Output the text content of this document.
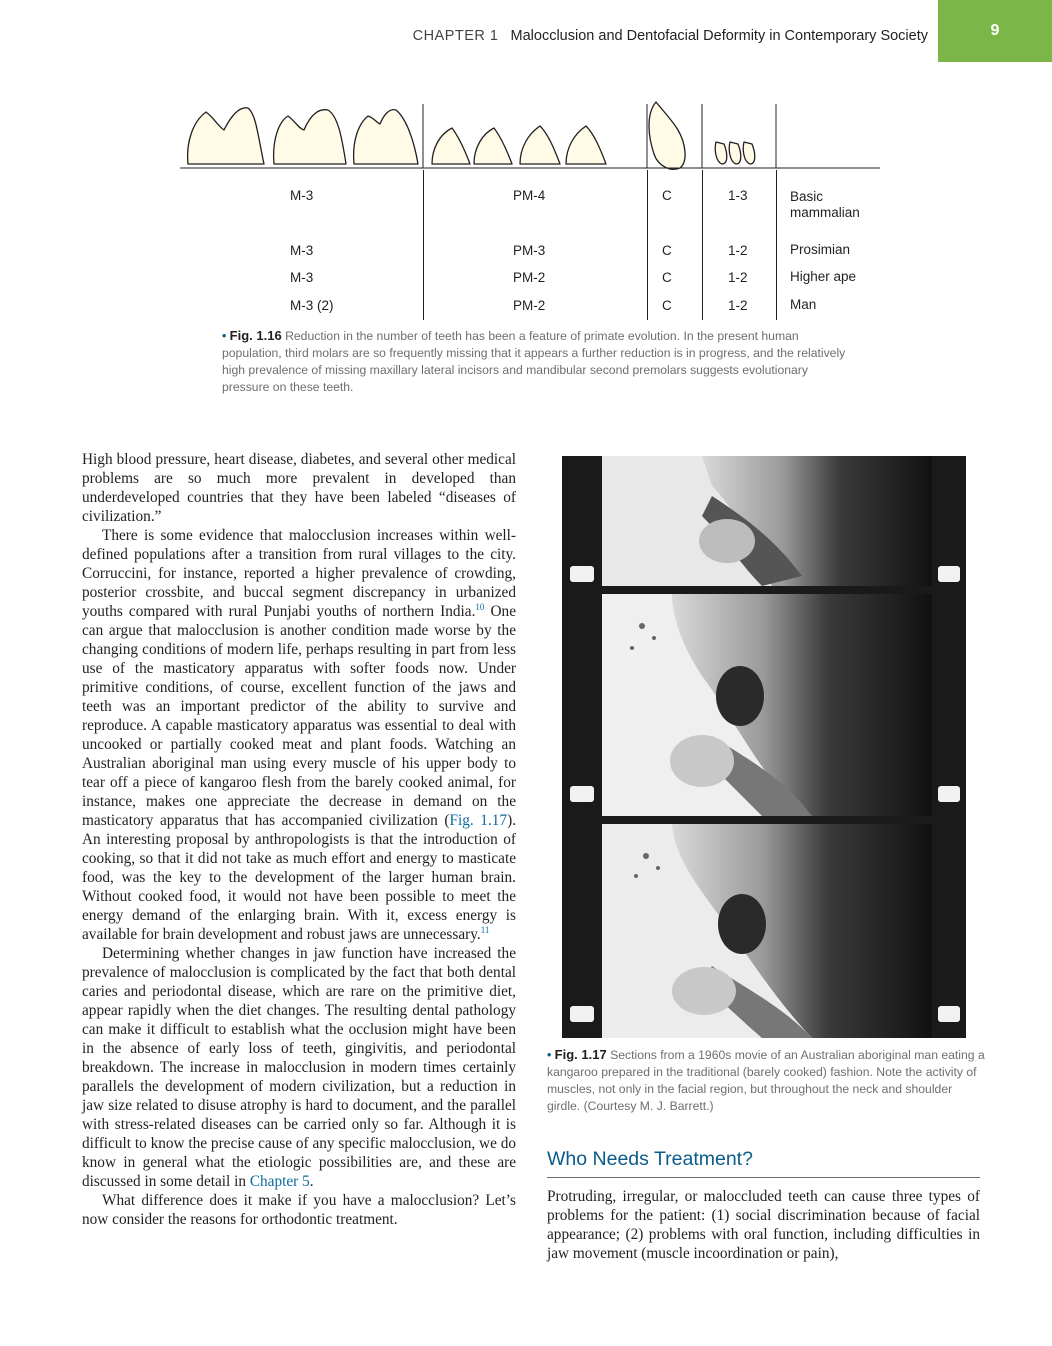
CHAPTER 1 Malocclusion and Dentofacial Deformity in Contemporary Society	9
M-3	PM-4	C	1-3	Basic
mammalian
M-3	PM-3	C	1-2	Prosimian
M-3	PM-2	C	1-2	Higher ape
M-3 (2)	PM-2	C	1-2	Man
• Fig. 1.16 Reduction in the number of teeth has been a feature of primate evolution. In the present human population, third molars are so frequently missing that it appears a further reduction is in progress, and the relatively high prevalence of missing maxillary lateral incisors and mandibular second premolars suggests evolutionary pressure on these teeth.

High blood pressure, heart disease, diabetes, and several other medical problems are so much more prevalent in developed than underdeveloped countries that they have been labeled “diseases of civilization.”

There is some evidence that malocclusion increases within well-defined populations after a transition from rural villages to the city. Corruccini, for instance, reported a higher prevalence of crowding, posterior crossbite, and buccal segment discrepancy in urbanized youths compared with rural Punjabi youths of northern India.$^{10}$ One can argue that malocclusion is another condition made worse by the changing conditions of modern life, perhaps resulting in part from less use of the masticatory apparatus with softer foods now. Under primitive conditions, of course, excellent function of the jaws and teeth was an important predictor of the ability to survive and reproduce. A capable masticatory apparatus was essential to deal with uncooked or partially cooked meat and plant foods. Watching an Australian aboriginal man using every muscle of his upper body to tear off a piece of kangaroo flesh from the barely cooked animal, for instance, makes one appreciate the decrease in demand on the masticatory apparatus that has accompanied civilization (Fig. 1.17). An interesting proposal by anthropologists is that the introduction of cooking, so that it did not take as much effort and energy to masticate food, was the key to the development of the larger human brain. Without cooked food, it would not have been possible to meet the energy demand of the enlarging brain. With it, excess energy is available for brain development and robust jaws are unnecessary.$^{11}$

Determining whether changes in jaw function have increased the prevalence of malocclusion is complicated by the fact that both dental caries and periodontal disease, which are rare on the primitive diet, appear rapidly when the diet changes. The resulting dental pathology can make it difficult to establish what the occlusion might have been in the absence of early loss of teeth, gingivitis, and periodontal breakdown. The increase in malocclusion in modern times certainly parallels the development of modern civilization, but a reduction in jaw size related to disuse atrophy is hard to document, and the parallel with stress-related diseases can be carried only so far. Although it is difficult to know the precise cause of any specific malocclusion, we do know in general what the etiologic possibilities are, and these are discussed in some detail in Chapter 5.

What difference does it make if you have a malocclusion? Let’s now consider the reasons for orthodontic treatment.

• Fig. 1.17 Sections from a 1960s movie of an Australian aboriginal man eating a kangaroo prepared in the traditional (barely cooked) fashion. Note the activity of muscles, not only in the facial region, but throughout the neck and shoulder girdle. (Courtesy M. J. Barrett.)
Who Needs Treatment?

Protruding, irregular, or maloccluded teeth can cause three types of problems for the patient: (1) social discrimination because of facial appearance; (2) problems with oral function, including difficulties in jaw movement (muscle incoordination or pain),
